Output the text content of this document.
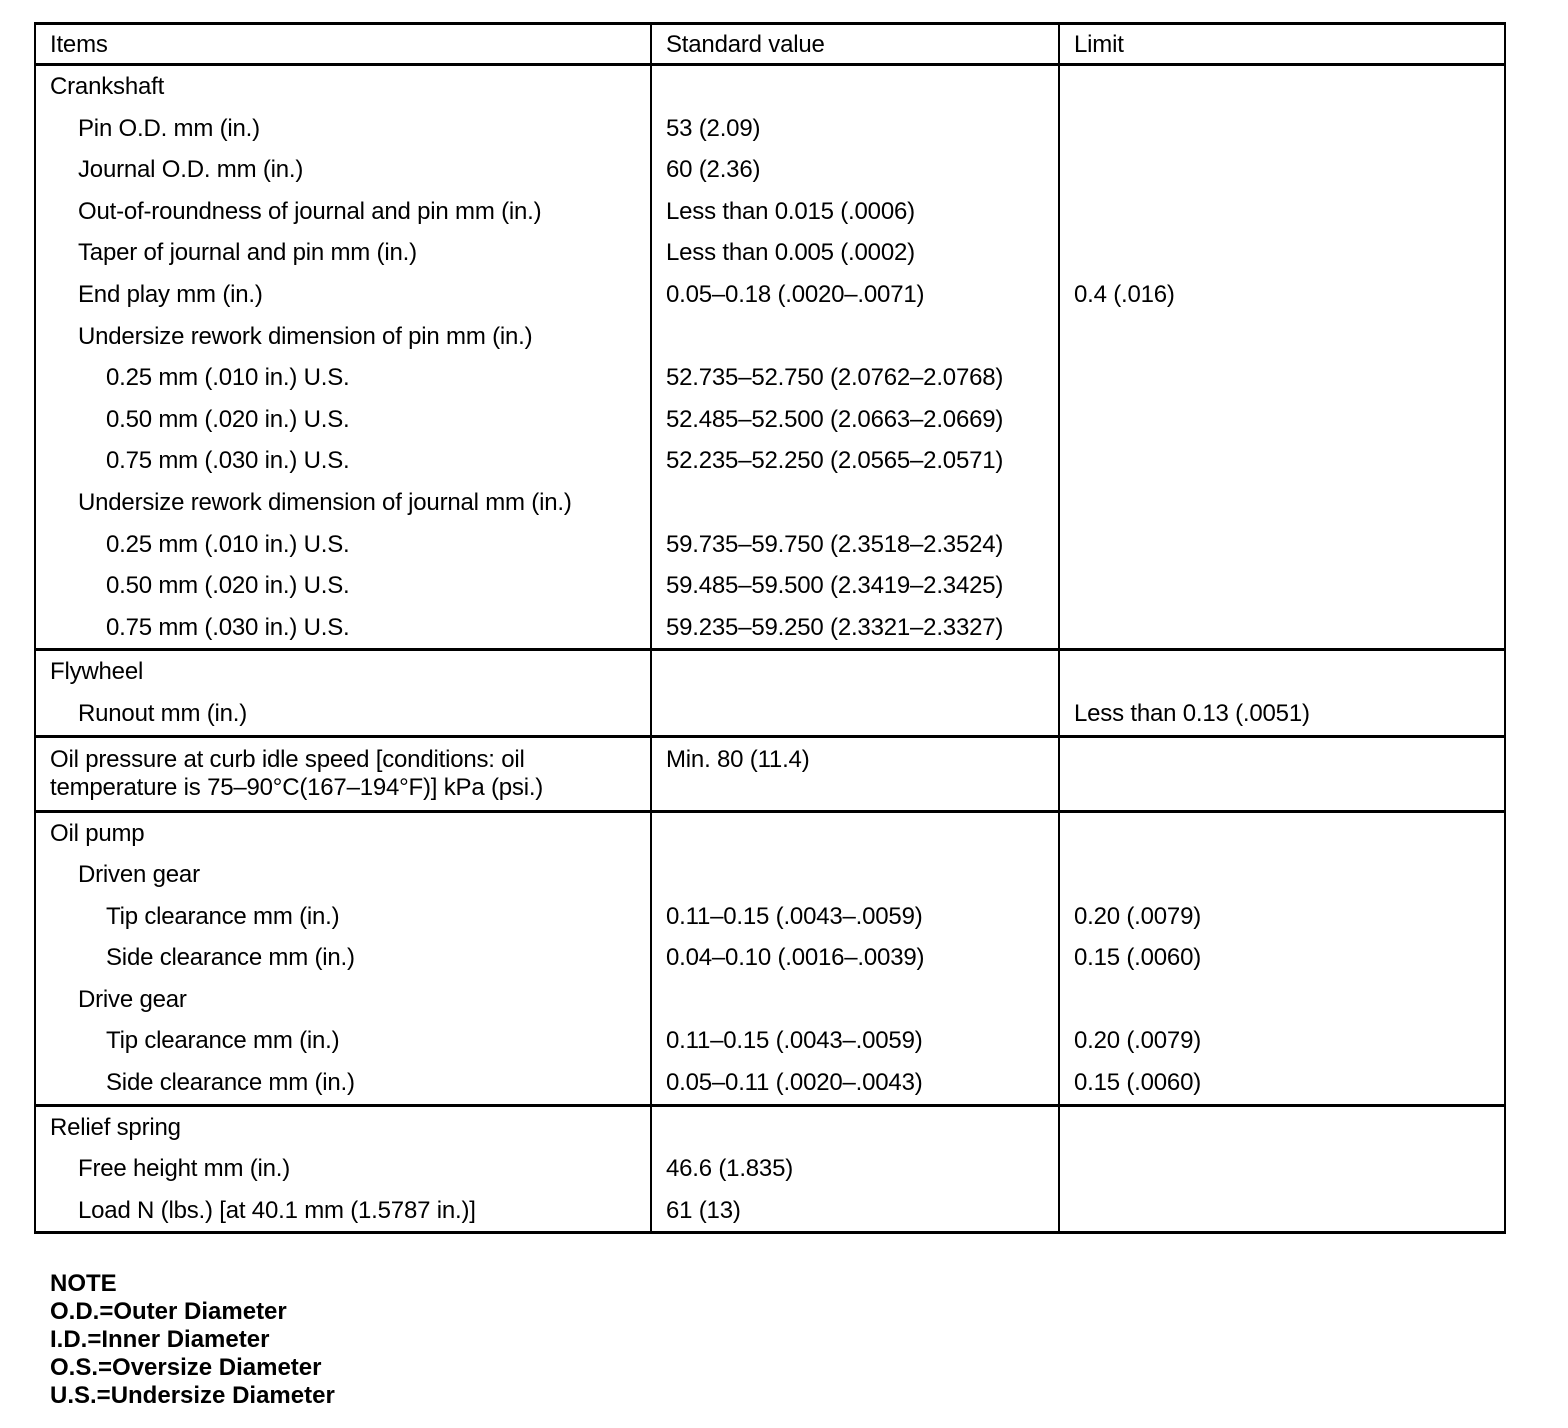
Items	Standard value	Limit
Crankshaft		
Pin O.D. mm (in.)	53 (2.09)	
Journal O.D. mm (in.)	60 (2.36)	
Out-of-roundness of journal and pin mm (in.)	Less than 0.015 (.0006)	
Taper of journal and pin mm (in.)	Less than 0.005 (.0002)	
End play mm (in.)	0.05–0.18 (.0020–.0071)	0.4 (.016)
Undersize rework dimension of pin mm (in.)		
0.25 mm (.010 in.) U.S.	52.735–52.750 (2.0762–2.0768)	
0.50 mm (.020 in.) U.S.	52.485–52.500 (2.0663–2.0669)	
0.75 mm (.030 in.) U.S.	52.235–52.250 (2.0565–2.0571)	
Undersize rework dimension of journal mm (in.)		
0.25 mm (.010 in.) U.S.	59.735–59.750 (2.3518–2.3524)	
0.50 mm (.020 in.) U.S.	59.485–59.500 (2.3419–2.3425)	
0.75 mm (.030 in.) U.S.	59.235–59.250 (2.3321–2.3327)	
Flywheel		
Runout mm (in.)		Less than 0.13 (.0051)

Oil pressure at curb idle speed [conditions: oil
temperature is 75–90°C(167–194°F)] kPa (psi.)	Min. 80 (11.4)	
Oil pump		
Driven gear		
Tip clearance mm (in.)	0.11–0.15 (.0043–.0059)	0.20 (.0079)
Side clearance mm (in.)	0.04–0.10 (.0016–.0039)	0.15 (.0060)
Drive gear		
Tip clearance mm (in.)	0.11–0.15 (.0043–.0059)	0.20 (.0079)
Side clearance mm (in.)	0.05–0.11 (.0020–.0043)	0.15 (.0060)
Relief spring		
Free height mm (in.)	46.6 (1.835)	
Load N (lbs.) [at 40.1 mm (1.5787 in.)]	61 (13)	
NOTE
O.D.=Outer Diameter
I.D.=Inner Diameter
O.S.=Oversize Diameter
U.S.=Undersize Diameter
